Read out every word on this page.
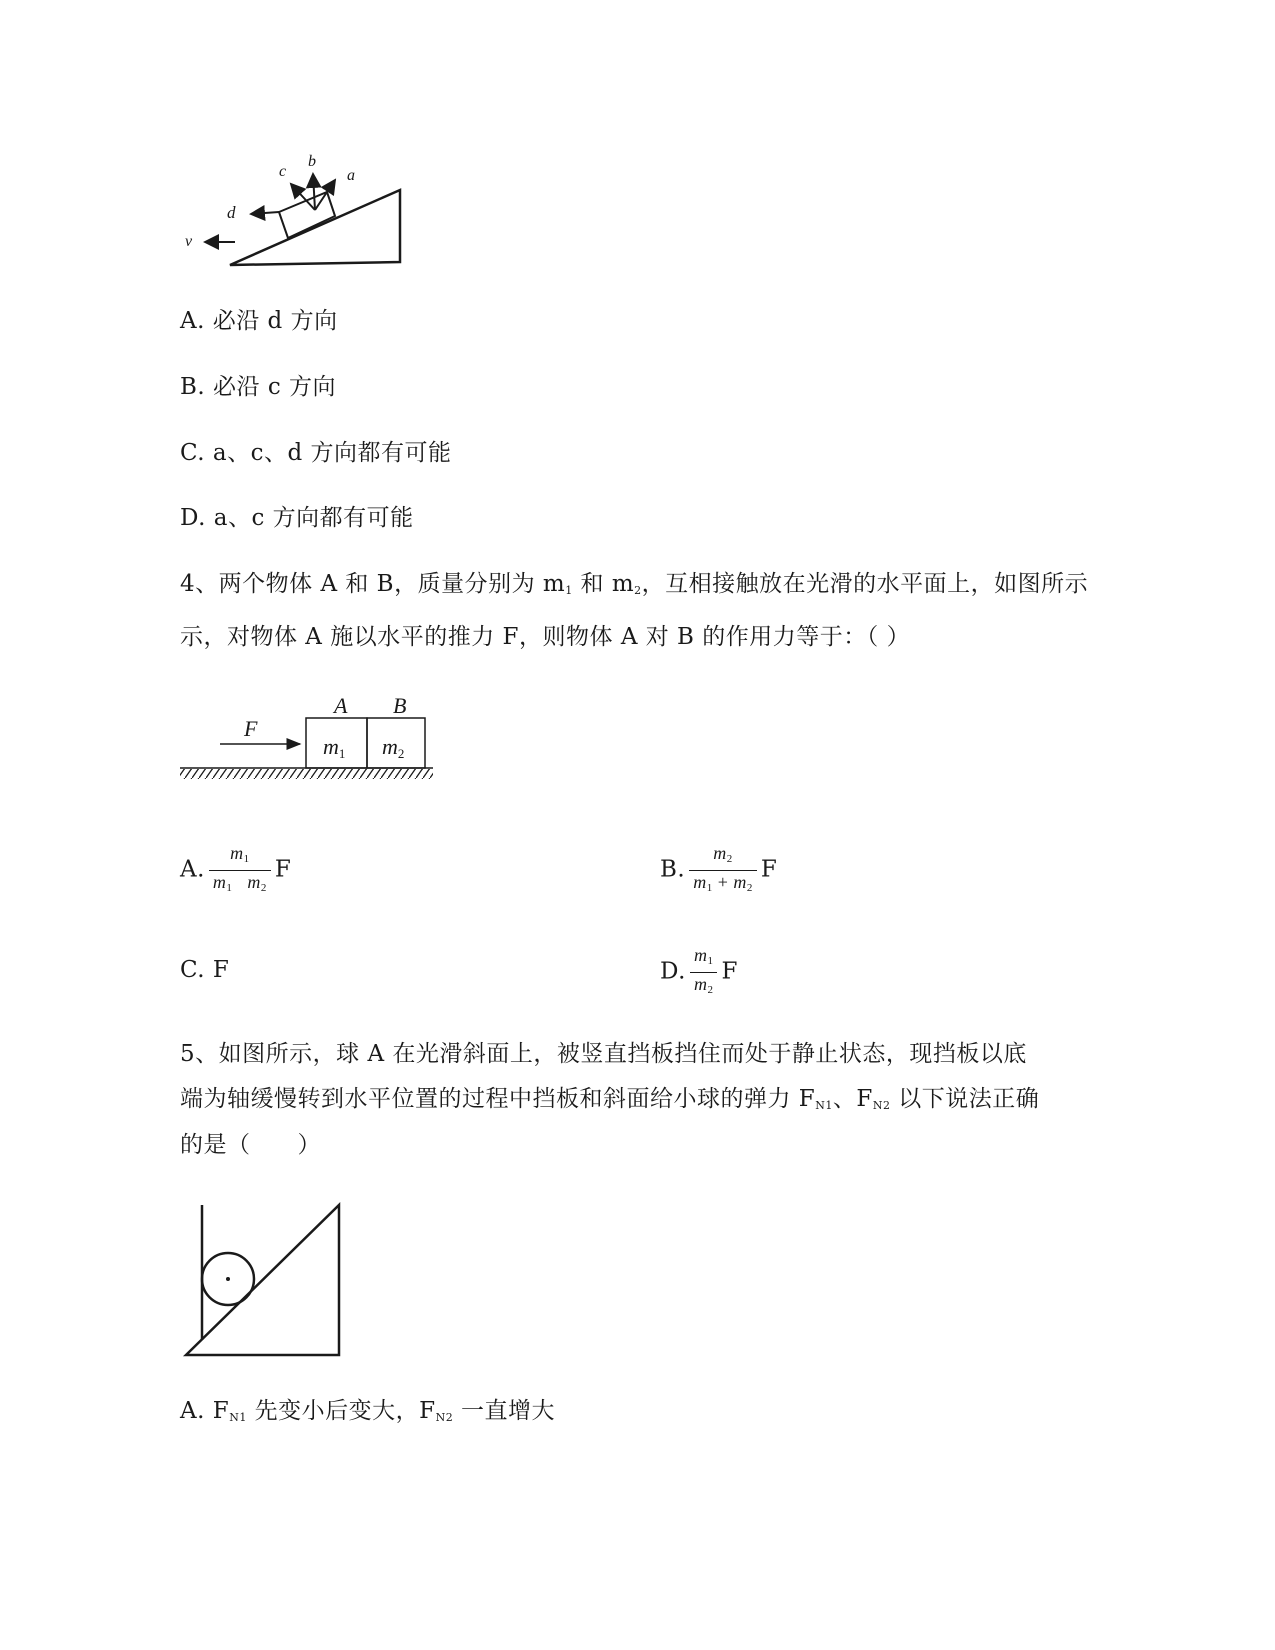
a
b
c
d
v
A. 必沿 d 方向
B. 必沿 c 方向
C. a、c、d 方向都有可能
D. a、c 方向都有可能
4、两个物体 A 和 B，质量分别为 $m_1$ 和 $m_2$，互相接触放在光滑的水平面上，如图所示
示，对物体 A 施以水平的推力 F，则物体 A 对 B 的作用力等于：（ ）
F
A B
m1 m2
A. $\frac{m_1}{m_1 m_2}$ F	B. $\frac{m_2}{m_1 + m_2}$ F
C. F	D. $\frac{m_1}{m_2}$ F
5、如图所示，球 A 在光滑斜面上，被竖直挡板挡住而处于静止状态，现挡板以底
端为轴缓慢转到水平位置的过程中挡板和斜面给小球的弹力 $F_{N1}$、$F_{N2}$ 以下说法正确
的是（　　）
A. $F_{N1}$ 先变小后变大，$F_{N2}$ 一直增大
